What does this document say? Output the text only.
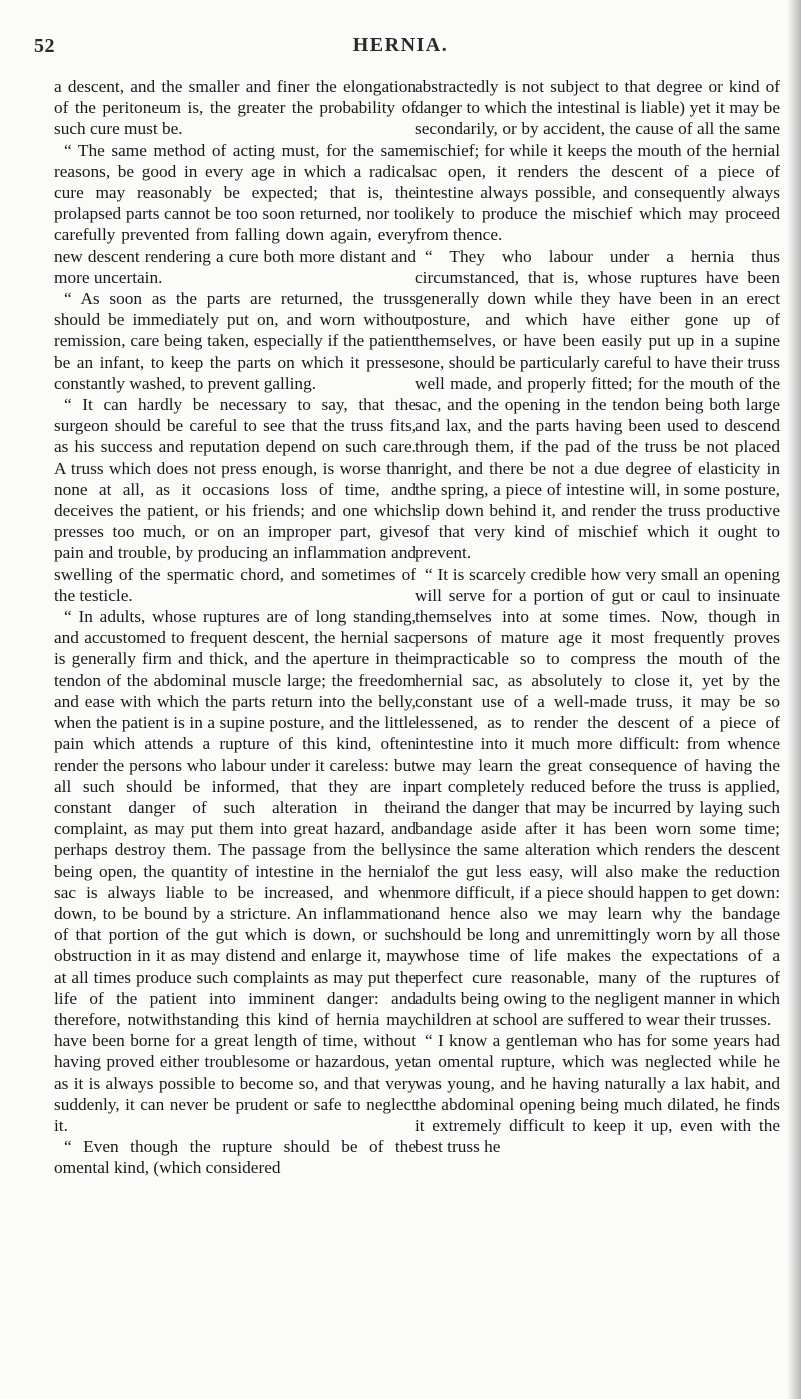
52	HERNIA.

a descent, and the smaller and finer the elongation of the peritoneum is, the greater the probability of such cure must be.

“ The same method of acting must, for the same reasons, be good in every age in which a radical cure may reasonably be expected; that is, the prolapsed parts cannot be too soon returned, nor too carefully prevented from falling down again, every new descent rendering a cure both more distant and more uncertain.

“ As soon as the parts are returned, the truss should be immediately put on, and worn without remission, care being taken, especially if the patient be an infant, to keep the parts on which it presses constantly washed, to prevent galling.

“ It can hardly be necessary to say, that the surgeon should be careful to see that the truss fits, as his success and reputation depend on such care. A truss which does not press enough, is worse than none at all, as it occasions loss of time, and deceives the patient, or his friends; and one which presses too much, or on an improper part, gives pain and trouble, by producing an inflammation and swelling of the spermatic chord, and sometimes of the testicle.

“ In adults, whose ruptures are of long standing, and accustomed to frequent descent, the hernial sac is generally firm and thick, and the aperture in the tendon of the abdominal muscle large; the freedom and ease with which the parts return into the belly, when the patient is in a supine posture, and the little pain which attends a rupture of this kind, often render the persons who labour under it careless: but all such should be informed, that they are in constant danger of such alteration in their complaint, as may put them into great hazard, and perhaps destroy them. The passage from the belly being open, the quantity of intestine in the hernial sac is always liable to be increased, and when down, to be bound by a stricture. An inflammation of that portion of the gut which is down, or such obstruction in it as may distend and enlarge it, may at all times produce such complaints as may put the life of the patient into imminent danger: and therefore, notwithstanding this kind of hernia may have been borne for a great length of time, without having proved either troublesome or hazardous, yet as it is always possible to become so, and that very suddenly, it can never be prudent or safe to neglect it.

“ Even though the rupture should be of the omental kind, (which considered

abstractedly is not subject to that degree or kind of danger to which the intestinal is liable) yet it may be secondarily, or by accident, the cause of all the same mischief; for while it keeps the mouth of the hernial sac open, it renders the descent of a piece of intestine always possible, and consequently always likely to produce the mischief which may proceed from thence.

“ They who labour under a hernia thus circumstanced, that is, whose ruptures have been generally down while they have been in an erect posture, and which have either gone up of themselves, or have been easily put up in a supine one, should be particularly careful to have their truss well made, and properly fitted; for the mouth of the sac, and the opening in the tendon being both large and lax, and the parts having been used to descend through them, if the pad of the truss be not placed right, and there be not a due degree of elasticity in the spring, a piece of intestine will, in some posture, slip down behind it, and render the truss productive of that very kind of mischief which it ought to prevent.

“ It is scarcely credible how very small an opening will serve for a portion of gut or caul to insinuate themselves into at some times. Now, though in persons of mature age it most frequently proves impracticable so to compress the mouth of the hernial sac, as absolutely to close it, yet by the constant use of a well-made truss, it may be so lessened, as to render the descent of a piece of intestine into it much more difficult: from whence we may learn the great consequence of having the part completely reduced before the truss is applied, and the danger that may be incurred by laying such bandage aside after it has been worn some time; since the same alteration which renders the descent of the gut less easy, will also make the reduction more difficult, if a piece should happen to get down: and hence also we may learn why the bandage should be long and unremittingly worn by all those whose time of life makes the expectations of a perfect cure reasonable, many of the ruptures of adults being owing to the negligent manner in which children at school are suffered to wear their trusses.

“ I know a gentleman who has for some years had an omental rupture, which was neglected while he was young, and he having naturally a lax habit, and the abdominal opening being much dilated, he finds it extremely difficult to keep it up, even with the best truss he
